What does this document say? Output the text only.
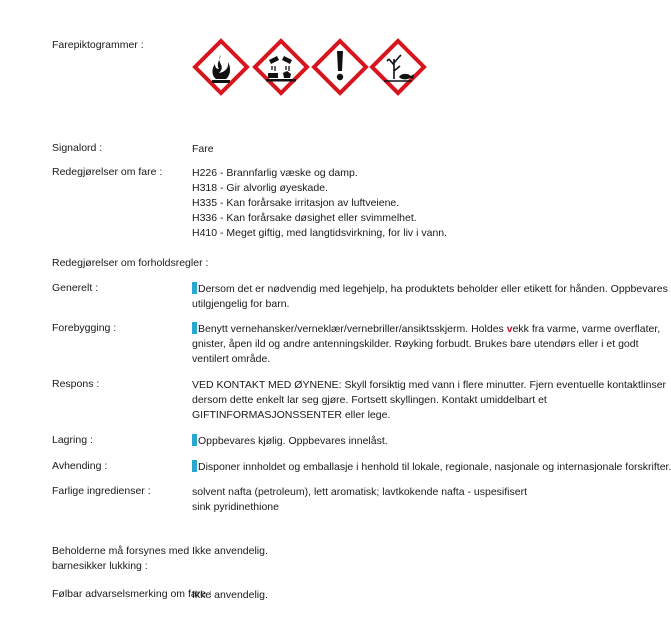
Farepiktogrammer :
Signalord :	Fare
Redegjørelser om fare :	H226 - Brannfarlig væske og damp.
H318 - Gir alvorlig øyeskade.
H335 - Kan forårsake irritasjon av luftveiene.
H336 - Kan forårsake døsighet eller svimmelhet.
H410 - Meget giftig, med langtidsvirkning, for liv i vann.
Redegjørelser om forholdsregler :
Generelt :	Dersom det er nødvendig med legehjelp, ha produktets beholder eller etikett for hånden. Oppbevares
utilgjengelig for barn.
Forebygging :	Benytt vernehansker/verneklær/vernebriller/ansiktsskjerm. Holdes vekk fra varme, varme overflater,
gnister, åpen ild og andre antenningskilder. Røyking forbudt. Brukes bare utendørs eller i et godt
ventilert område.
Respons :	VED KONTAKT MED ØYNENE: Skyll forsiktig med vann i flere minutter. Fjern eventuelle kontaktlinser
dersom dette enkelt lar seg gjøre. Fortsett skyllingen. Kontakt umiddelbart et
GIFTINFORMASJONSSENTER eller lege.
Lagring :	Oppbevares kjølig. Oppbevares innelåst.
Avhending :	Disponer innholdet og emballasje i henhold til lokale, regionale, nasjonale og internasjonale forskrifter.
Farlige ingredienser :	solvent nafta (petroleum), lett aromatisk; lavtkokende nafta - uspesifisert
sink pyridinethione
Beholderne må forsynes med
barnesikker lukking :
Ikke anvendelig.
Følbar advarselsmerking om fare :
Ikke anvendelig.
